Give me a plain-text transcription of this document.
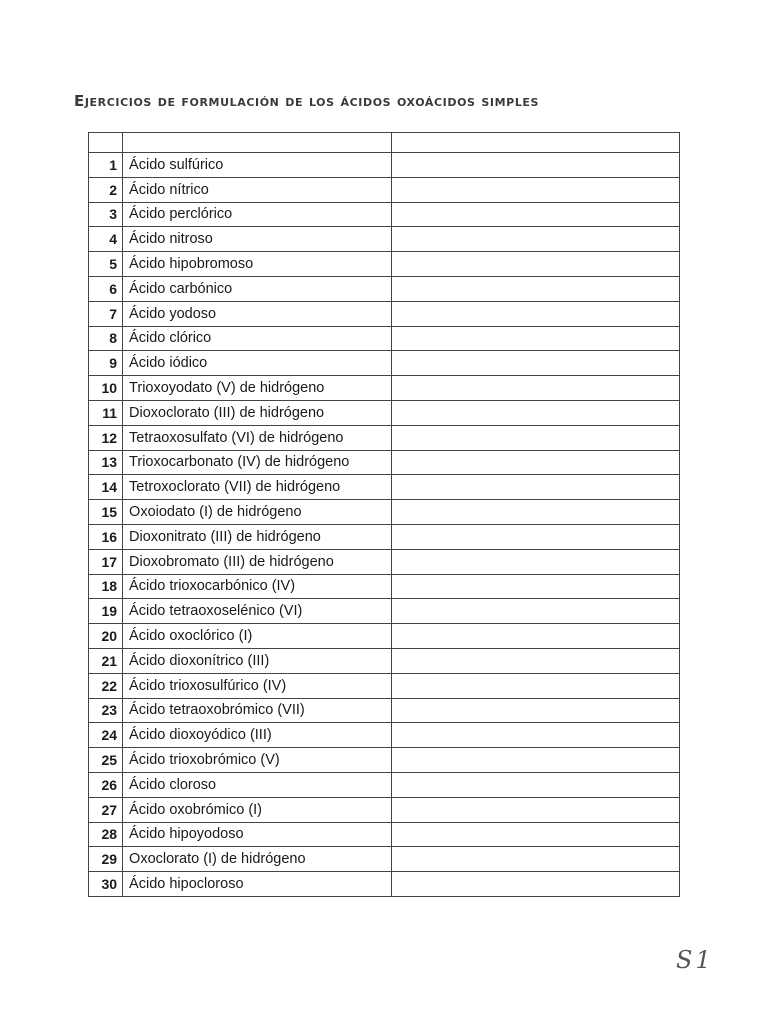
Ejercicios de formulación de los ácidos oxoácidos simples

1	Ácido sulfúrico	
2	Ácido nítrico	
3	Ácido perclórico	
4	Ácido nitroso	
5	Ácido hipobromoso	
6	Ácido carbónico	
7	Ácido yodoso	
8	Ácido clórico	
9	Ácido iódico	
10	Trioxoyodato (V) de hidrógeno	
11	Dioxoclorato (III) de hidrógeno	
12	Tetraoxosulfato (VI) de hidrógeno	
13	Trioxocarbonato (IV) de hidrógeno	
14	Tetroxoclorato (VII) de hidrógeno	
15	Oxoiodato (I) de hidrógeno	
16	Dioxonitrato (III) de hidrógeno	
17	Dioxobromato (III) de hidrógeno	
18	Ácido trioxocarbónico (IV)	
19	Ácido tetraoxoselénico (VI)	
20	Ácido oxoclórico (I)	
21	Ácido dioxonítrico (III)	
22	Ácido trioxosulfúrico (IV)	
23	Ácido tetraoxobrómico (VII)	
24	Ácido dioxoyódico (III)	
25	Ácido trioxobrómico (V)	
26	Ácido cloroso	
27	Ácido oxobrómico (I)	
28	Ácido hipoyodoso	
29	Oxoclorato (I) de hidrógeno	
30	Ácido hipocloroso	
S1
